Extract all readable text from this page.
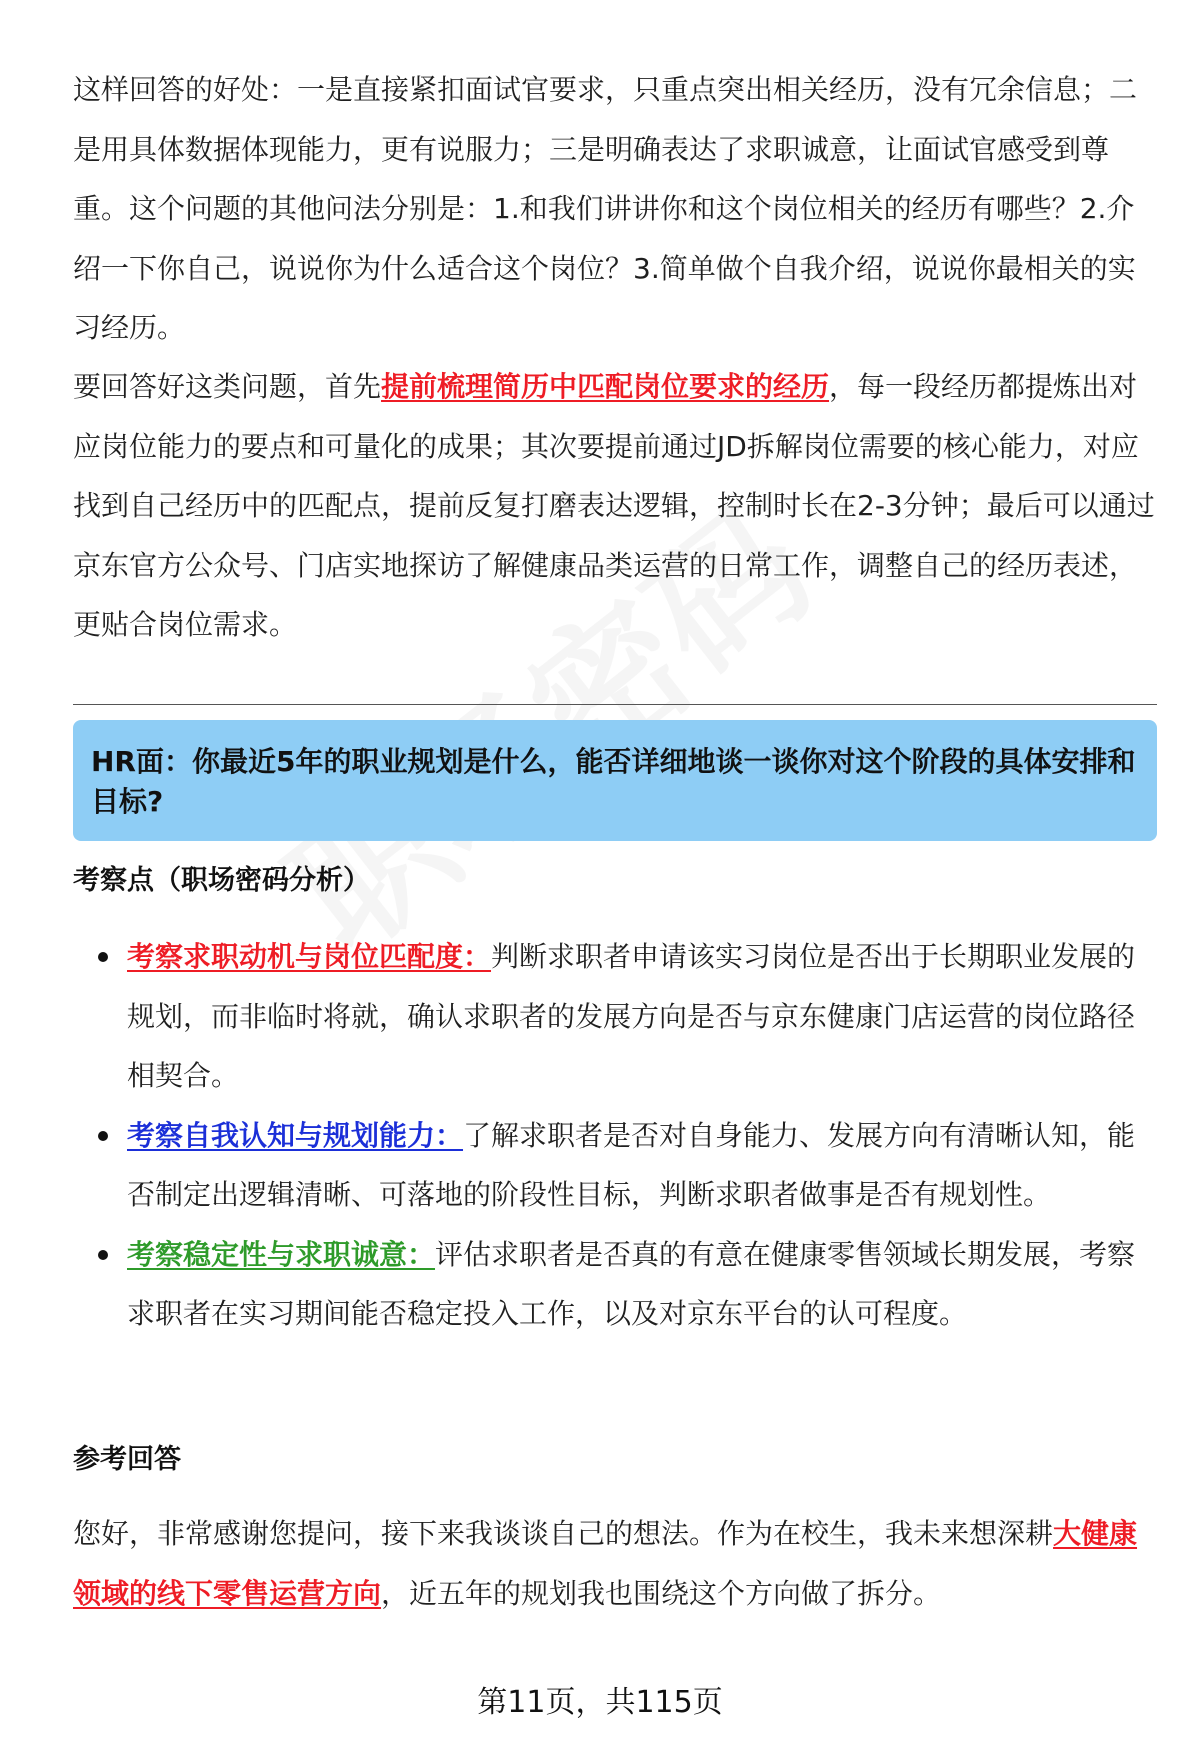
这样回答的好处：一是直接紧扣面试官要求，只重点突出相关经历，没有冗余信息；二是用具体数据体现能力，更有说服力；三是明确表达了求职诚意，让面试官感受到尊重。这个问题的其他问法分别是：1.和我们讲讲你和这个岗位相关的经历有哪些？2.介绍一下你自己，说说你为什么适合这个岗位？3.简单做个自我介绍，说说你最相关的实习经历。

要回答好这类问题，首先提前梳理简历中匹配岗位要求的经历，每一段经历都提炼出对应岗位能力的要点和可量化的成果；其次要提前通过JD拆解岗位需要的核心能力，对应找到自己经历中的匹配点，提前反复打磨表达逻辑，控制时长在2-3分钟；最后可以通过京东官方公众号、门店实地探访了解健康品类运营的日常工作，调整自己的经历表述，更贴合岗位需求。

HR面：你最近5年的职业规划是什么，能否详细地谈一谈你对这个阶段的具体安排和目标?
考察点（职场密码分析）
考察求职动机与岗位匹配度：判断求职者申请该实习岗位是否出于长期职业发展的规划，而非临时将就，确认求职者的发展方向是否与京东健康门店运营的岗位路径相契合。
考察自我认知与规划能力：了解求职者是否对自身能力、发展方向有清晰认知，能否制定出逻辑清晰、可落地的阶段性目标，判断求职者做事是否有规划性。
考察稳定性与求职诚意：评估求职者是否真的有意在健康零售领域长期发展，考察求职者在实习期间能否稳定投入工作，以及对京东平台的认可程度。
参考回答

您好，非常感谢您提问，接下来我谈谈自己的想法。作为在校生，我未来想深耕大健康领域的线下零售运营方向，近五年的规划我也围绕这个方向做了拆分。

第11页，共115页
